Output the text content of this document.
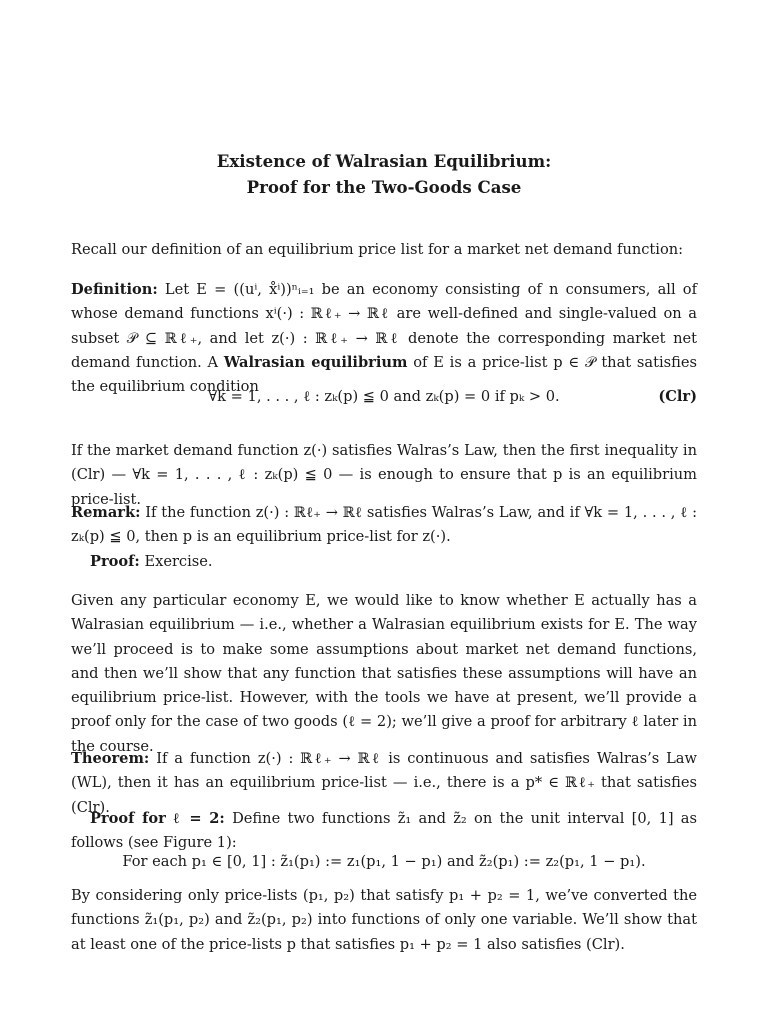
Existence of Walrasian Equilibrium:
Proof for the Two-Goods Case
Recall our definition of an equilibrium price list for a market net demand function:
Definition: Let E = ((uⁱ, x̊ⁱ))ⁿᵢ₌₁ be an economy consisting of n consumers, all of whose demand functions xⁱ(·) : ℝℓ₊ → ℝℓ are well-defined and single-valued on a subset 𝒫 ⊆ ℝℓ₊, and let z(·) : ℝℓ₊ → ℝℓ denote the corresponding market net demand function. A Walrasian equilibrium of E is a price-list p ∈ 𝒫 that satisfies the equilibrium condition
∀k = 1, . . . , ℓ : zₖ(p) ≦ 0 and zₖ(p) = 0 if pₖ > 0.	(Clr)
If the market demand function z(·) satisfies Walras’s Law, then the first inequality in (Clr) — ∀k = 1, . . . , ℓ : zₖ(p) ≦ 0 — is enough to ensure that p is an equilibrium price-list.
Remark: If the function z(·) : ℝℓ₊ → ℝℓ satisfies Walras’s Law, and if ∀k = 1, . . . , ℓ : zₖ(p) ≦ 0, then p is an equilibrium price-list for z(·).
Proof: Exercise.
Given any particular economy E, we would like to know whether E actually has a Walrasian equilibrium — i.e., whether a Walrasian equilibrium exists for E. The way we’ll proceed is to make some assumptions about market net demand functions, and then we’ll show that any function that satisfies these assumptions will have an equilibrium price-list. However, with the tools we have at present, we’ll provide a proof only for the case of two goods (ℓ = 2); we’ll give a proof for arbitrary ℓ later in the course.
Theorem: If a function z(·) : ℝℓ₊ → ℝℓ is continuous and satisfies Walras’s Law (WL), then it has an equilibrium price-list — i.e., there is a p* ∈ ℝℓ₊ that satisfies (Clr).
Proof for ℓ = 2: Define two functions z̃₁ and z̃₂ on the unit interval [0, 1] as follows (see Figure 1):
For each p₁ ∈ [0, 1] : z̃₁(p₁) := z₁(p₁, 1 − p₁) and z̃₂(p₁) := z₂(p₁, 1 − p₁).
By considering only price-lists (p₁, p₂) that satisfy p₁ + p₂ = 1, we’ve converted the functions z̃₁(p₁, p₂) and z̃₂(p₁, p₂) into functions of only one variable. We’ll show that at least one of the price-lists p that satisfies p₁ + p₂ = 1 also satisfies (Clr).
